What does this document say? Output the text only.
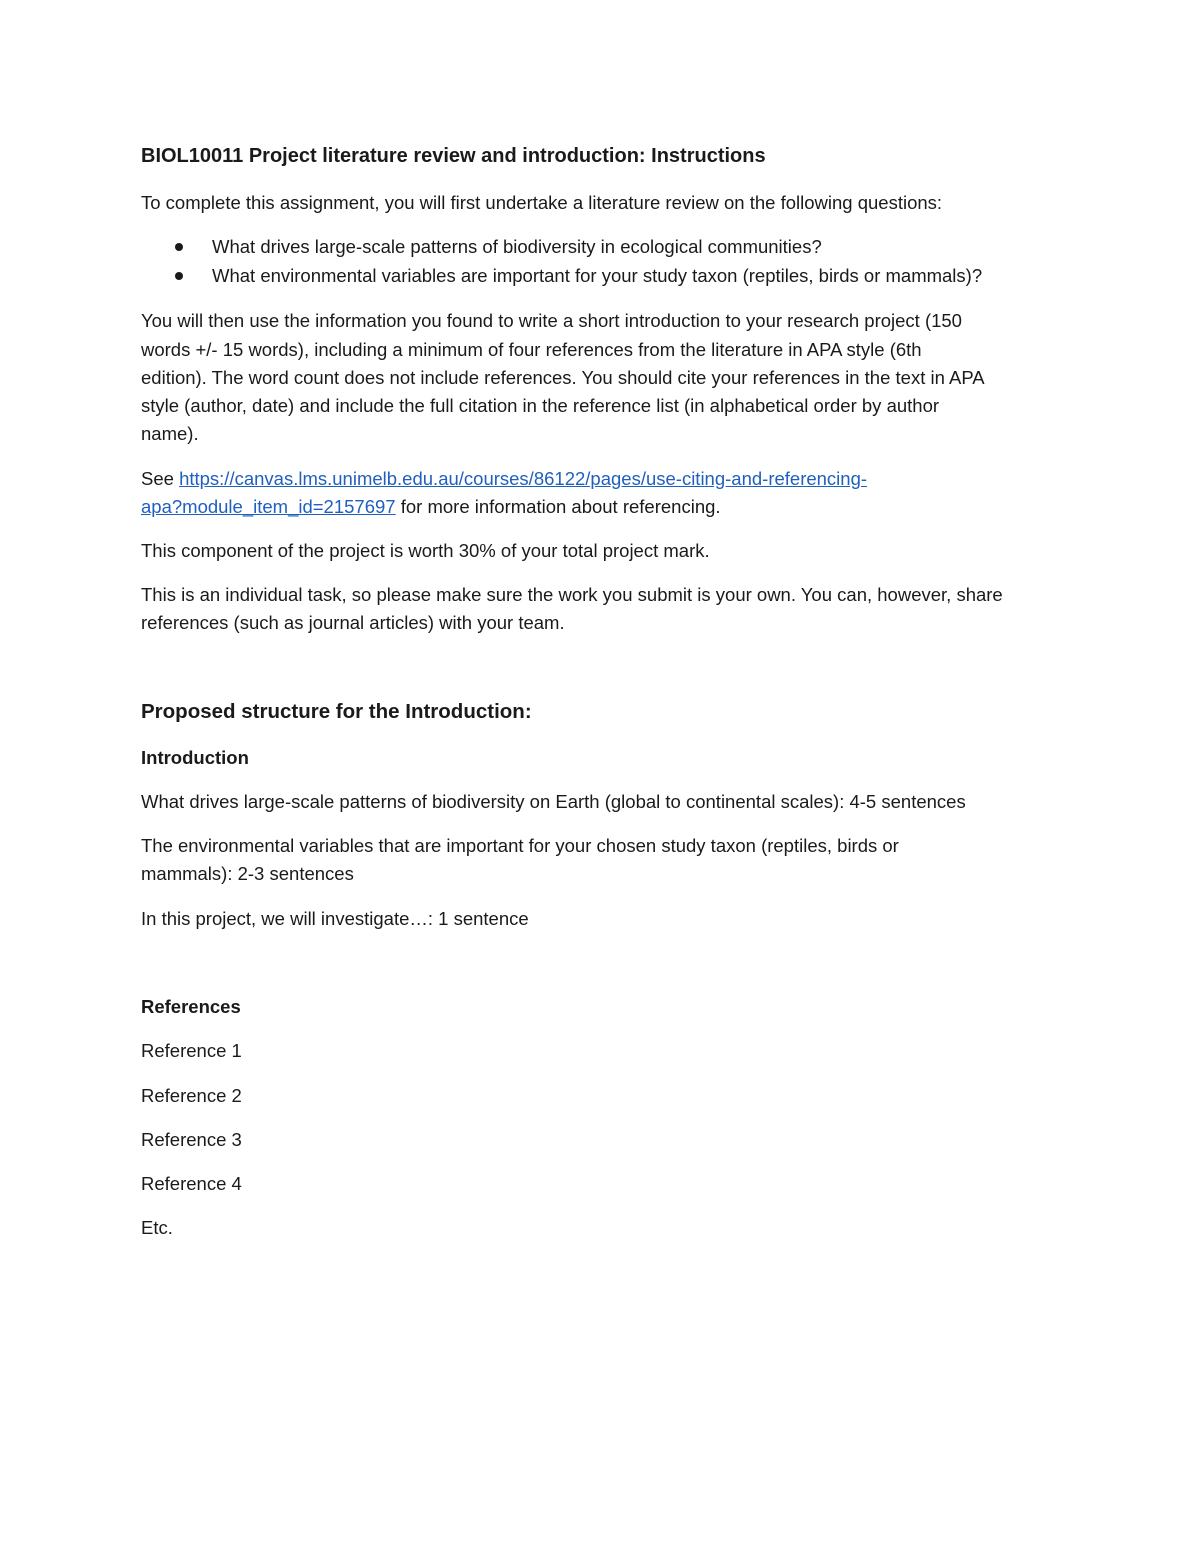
BIOL10011 Project literature review and introduction: Instructions
To complete this assignment, you will first undertake a literature review on the following questions:
What drives large-scale patterns of biodiversity in ecological communities?
What environmental variables are important for your study taxon (reptiles, birds or mammals)?
You will then use the information you found to write a short introduction to your research project (150
words +/- 15 words), including a minimum of four references from the literature in APA style (6th
edition). The word count does not include references. You should cite your references in the text in APA
style (author, date) and include the full citation in the reference list (in alphabetical order by author
name).
See https://canvas.lms.unimelb.edu.au/courses/86122/pages/use-citing-and-referencing-
apa?module_item_id=2157697 for more information about referencing.
This component of the project is worth 30% of your total project mark.
This is an individual task, so please make sure the work you submit is your own. You can, however, share
references (such as journal articles) with your team.
Proposed structure for the Introduction:
Introduction
What drives large-scale patterns of biodiversity on Earth (global to continental scales): 4-5 sentences
The environmental variables that are important for your chosen study taxon (reptiles, birds or
mammals): 2-3 sentences
In this project, we will investigate…: 1 sentence
References
Reference 1
Reference 2
Reference 3
Reference 4
Etc.
